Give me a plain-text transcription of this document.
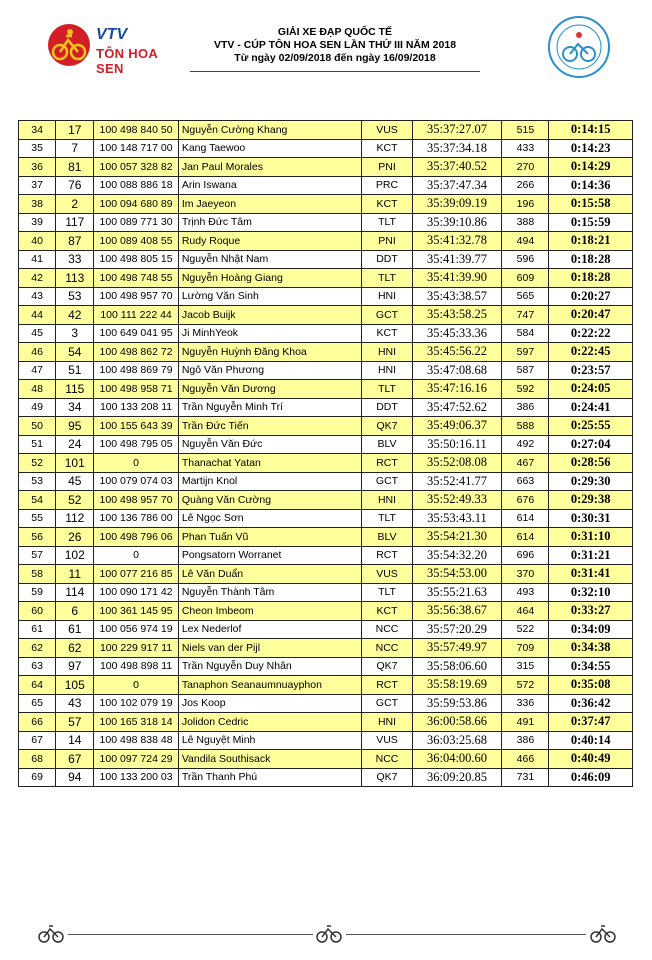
VTV
TÔN HOA SEN
GIẢI XE ĐẠP QUỐC TẾ
VTV - CÚP TÔN HOA SEN LẦN THỨ III NĂM 2018
Từ ngày 02/09/2018 đến ngày 16/09/2018
34	17	100 498 840 50	Nguyễn Cường Khang	VUS	35:37:27.07	515	0:14:15
35	7	100 148 717 00	Kang Taewoo	KCT	35:37:34.18	433	0:14:23
36	81	100 057 328 82	Jan Paul Morales	PNI	35:37:40.52	270	0:14:29
37	76	100 088 886 18	Arin Iswana	PRC	35:37:47.34	266	0:14:36
38	2	100 094 680 89	Im Jaeyeon	KCT	35:39:09.19	196	0:15:58
39	117	100 089 771 30	Trịnh Đức Tâm	TLT	35:39:10.86	388	0:15:59
40	87	100 089 408 55	Rudy Roque	PNI	35:41:32.78	494	0:18:21
41	33	100 498 805 15	Nguyễn Nhật Nam	DDT	35:41:39.77	596	0:18:28
42	113	100 498 748 55	Nguyễn Hoàng Giang	TLT	35:41:39.90	609	0:18:28
43	53	100 498 957 70	Lường Văn Sinh	HNI	35:43:38.57	565	0:20:27
44	42	100 111 222 44	Jacob Buijk	GCT	35:43:58.25	747	0:20:47
45	3	100 649 041 95	Ji MinhYeok	KCT	35:45:33.36	584	0:22:22
46	54	100 498 862 72	Nguyễn Huỳnh Đăng Khoa	HNI	35:45:56.22	597	0:22:45
47	51	100 498 869 79	Ngô Văn Phương	HNI	35:47:08.68	587	0:23:57
48	115	100 498 958 71	Nguyễn Văn Dương	TLT	35:47:16.16	592	0:24:05
49	34	100 133 208 11	Trần Nguyễn Minh Trí	DDT	35:47:52.62	386	0:24:41
50	95	100 155 643 39	Trần Đức Tiến	QK7	35:49:06.37	588	0:25:55
51	24	100 498 795 05	Nguyễn Văn Đức	BLV	35:50:16.11	492	0:27:04
52	101	0	Thanachat Yatan	RCT	35:52:08.08	467	0:28:56
53	45	100 079 074 03	Martijn Knol	GCT	35:52:41.77	663	0:29:30
54	52	100 498 957 70	Quàng Văn Cường	HNI	35:52:49.33	676	0:29:38
55	112	100 136 786 00	Lê Ngọc Sơn	TLT	35:53:43.11	614	0:30:31
56	26	100 498 796 06	Phan Tuấn Vũ	BLV	35:54:21.30	614	0:31:10
57	102	0	Pongsatorn Worranet	RCT	35:54:32.20	696	0:31:21
58	11	100 077 216 85	Lê Văn Duẩn	VUS	35:54:53.00	370	0:31:41
59	114	100 090 171 42	Nguyễn Thành Tâm	TLT	35:55:21.63	493	0:32:10
60	6	100 361 145 95	Cheon Imbeom	KCT	35:56:38.67	464	0:33:27
61	61	100 056 974 19	Lex Nederlof	NCC	35:57:20.29	522	0:34:09
62	62	100 229 917 11	Niels van der Pijl	NCC	35:57:49.97	709	0:34:38
63	97	100 498 898 11	Trần Nguyễn Duy Nhân	QK7	35:58:06.60	315	0:34:55
64	105	0	Tanaphon Seanaumnuayphon	RCT	35:58:19.69	572	0:35:08
65	43	100 102 079 19	Jos Koop	GCT	35:59:53.86	336	0:36:42
66	57	100 165 318 14	Jolidon Cedric	HNI	36:00:58.66	491	0:37:47
67	14	100 498 838 48	Lê Nguyệt Minh	VUS	36:03:25.68	386	0:40:14
68	67	100 097 724 29	Vandila Southisack	NCC	36:04:00.60	466	0:40:49
69	94	100 133 200 03	Trần Thanh Phú	QK7	36:09:20.85	731	0:46:09
